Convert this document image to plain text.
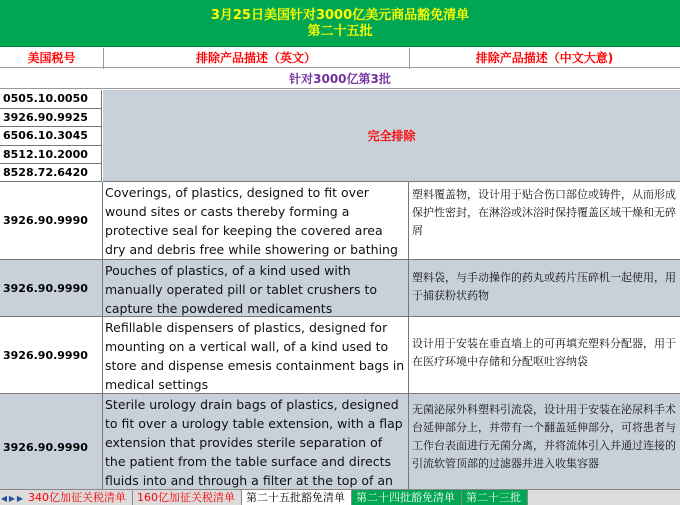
3月25日美国针对3000亿美元商品豁免清单
第二十五批
美国税号	排除产品描述（英文）	排除产品描述（中文大意)
针对3000亿第3批
0505.10.0050
3926.90.9925
6506.10.3045
8512.10.2000
8528.72.6420
完全排除
3926.90.9990
Coverings, of plastics, designed to fit over wound sites or casts thereby forming a protective seal for keeping the covered area dry and debris free while showering or bathing
塑料覆盖物，设计用于贴合伤口部位或铸件，从而形成保护性密封，在淋浴或沐浴时保持覆盖区域干燥和无碎屑
3926.90.9990
Pouches of plastics, of a kind used with manually operated pill or tablet crushers to capture the powdered medicaments
塑料袋，与手动操作的药丸或药片压碎机一起使用，用于捕获粉状药物
3926.90.9990
Refillable dispensers of plastics, designed for mounting on a vertical wall, of a kind used to store and dispense emesis containment bags in medical settings
设计用于安装在垂直墙上的可再填充塑料分配器，用于在医疗环境中存储和分配呕吐容纳袋
3926.90.9990
Sterile urology drain bags of plastics, designed to fit over a urology table extension, with a flap extension that provides sterile separation of the patient from the table surface and directs fluids into and through a filter at the top of an
无菌泌尿外科塑料引流袋，设计用于安装在泌尿科手术台延伸部分上，并带有一个翻盖延伸部分，可将患者与工作台表面进行无菌分离，并将流体引入并通过连接的引流软管顶部的过滤器并进入收集容器
◀ ▶ ▶ 340亿加征关税清单 160亿加征关税清单 第二十五批豁免清单 第二十四批豁免清单 第二十三批
